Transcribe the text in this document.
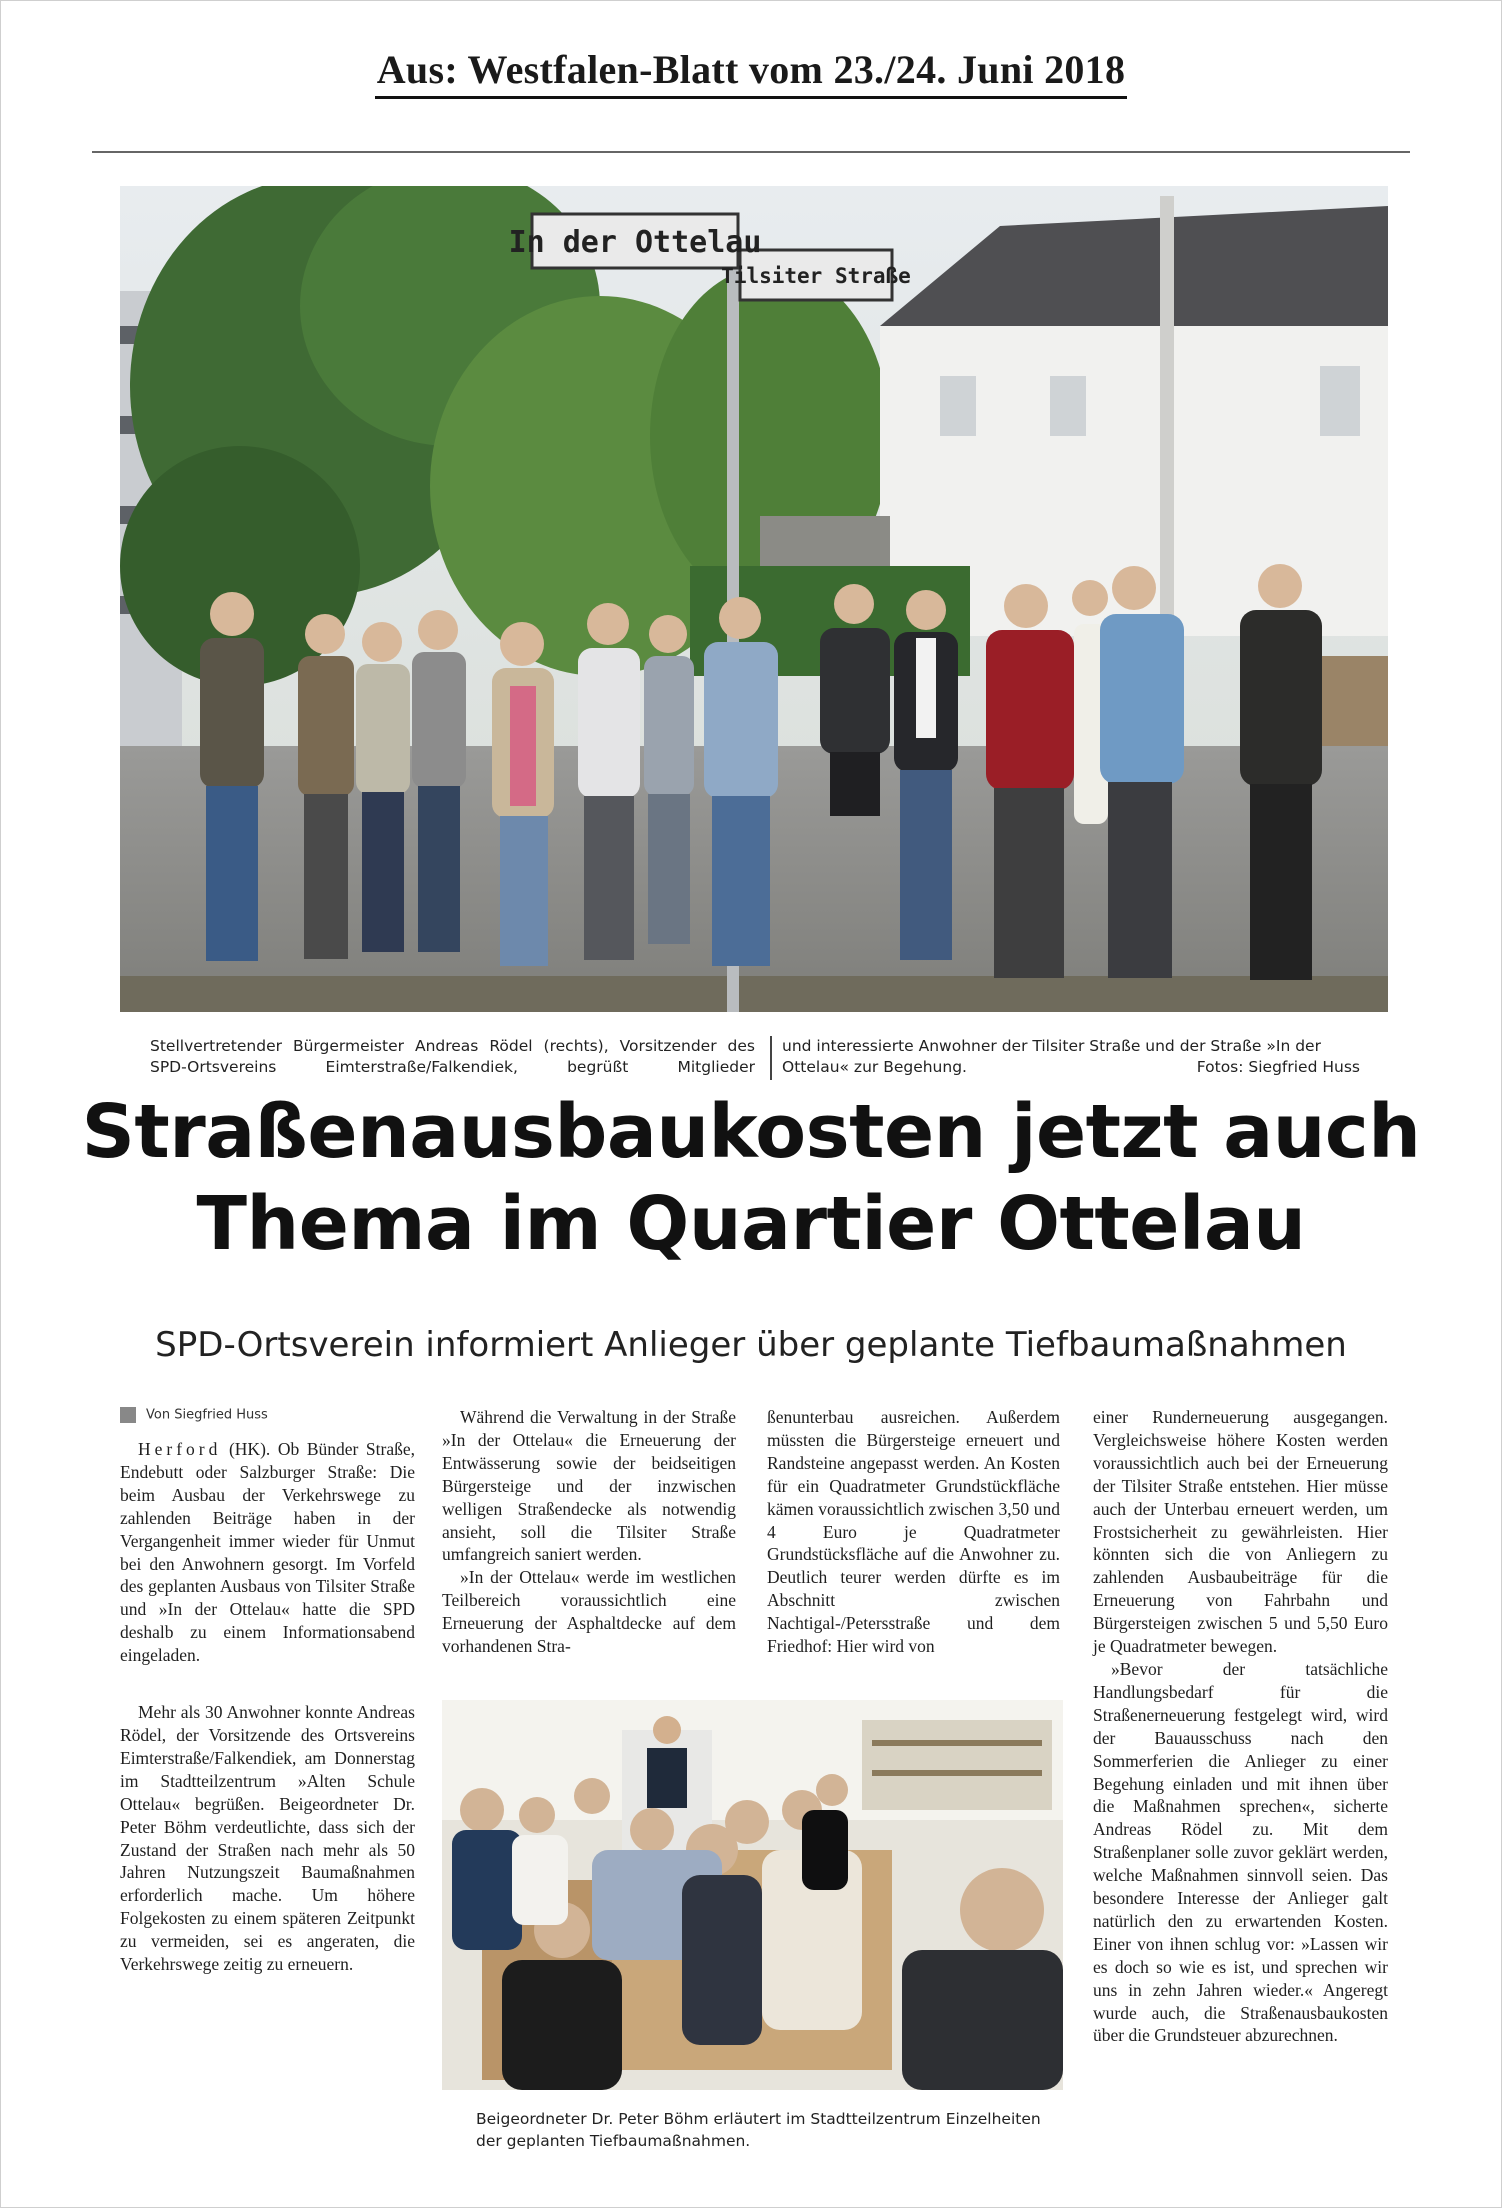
Aus: Westfalen-Blatt vom 23./24. Juni 2018
In der Ottelau
Tilsiter Straße
Stellvertretender Bürgermeister Andreas Rödel (rechts), Vorsitzender des SPD-Ortsvereins Eimterstraße/Falkendiek, begrüßt Mitglieder
und interessierte Anwohner der Tilsiter Straße und der Straße »In der Ottelau« zur Begehung.	Fotos: Siegfried Huss
Straßenausbaukosten jetzt auch
Thema im Quartier Ottelau
SPD-Ortsverein informiert Anlieger über geplante Tiefbaumaßnahmen
Von Siegfried Huss

Herford (HK). Ob Bünder Straße, Endebutt oder Salzburger Straße: Die beim Ausbau der Verkehrswege zu zahlenden Beiträge haben in der Vergangenheit immer wieder für Unmut bei den Anwohnern gesorgt. Im Vorfeld des geplanten Ausbaus von Tilsiter Straße und »In der Ottelau« hatte die SPD deshalb zu einem Informationsabend eingeladen.

Mehr als 30 Anwohner konnte Andreas Rödel, der Vorsitzende des Ortsvereins Eimterstraße/Falkendiek, am Donnerstag im Stadtteilzentrum »Alten Schule Ottelau« begrüßen. Beigeordneter Dr. Peter Böhm verdeutlichte, dass sich der Zustand der Straßen nach mehr als 50 Jahren Nutzungszeit Baumaßnahmen erforderlich mache. Um höhere Folgekosten zu einem späteren Zeitpunkt zu vermeiden, sei es angeraten, die Verkehrswege zeitig zu erneuern.

Während die Verwaltung in der Straße »In der Ottelau« die Erneuerung der Entwässerung sowie der beidseitigen Bürgersteige und der inzwischen welligen Straßendecke als notwendig ansieht, soll die Tilsiter Straße umfangreich saniert werden.

»In der Ottelau« werde im westlichen Teilbereich voraussichtlich eine Erneuerung der Asphaltdecke auf dem vorhandenen Stra-

ßenunterbau ausreichen. Außerdem müssten die Bürgersteige erneuert und Randsteine angepasst werden. An Kosten für ein Quadratmeter Grundstückfläche kämen voraussichtlich zwischen 3,50 und 4 Euro je Quadratmeter Grundstücksfläche auf die Anwohner zu. Deutlich teurer werden dürfte es im Abschnitt zwischen Nachtigal-/Petersstraße und dem Friedhof: Hier wird von

einer Runderneuerung ausgegangen. Vergleichsweise höhere Kosten werden voraussichtlich auch bei der Erneuerung der Tilsiter Straße entstehen. Hier müsse auch der Unterbau erneuert werden, um Frostsicherheit zu gewährleisten. Hier könnten sich die von Anliegern zu zahlenden Ausbaubeiträge für die Erneuerung von Fahrbahn und Bürgersteigen zwischen 5 und 5,50 Euro je Quadratmeter bewegen.

»Bevor der tatsächliche Handlungsbedarf für die Straßenerneuerung festgelegt wird, wird der Bauausschuss nach den Sommerferien die Anlieger zu einer Begehung einladen und mit ihnen über die Maßnahmen sprechen«, sicherte Andreas Rödel zu. Mit dem Straßenplaner solle zuvor geklärt werden, welche Maßnahmen sinnvoll seien. Das besondere Interesse der Anlieger galt natürlich den zu erwartenden Kosten. Einer von ihnen schlug vor: »Lassen wir es doch so wie es ist, und sprechen wir uns in zehn Jahren wieder.« Angeregt wurde auch, die Straßenausbaukosten über die Grundsteuer abzurechnen.

Beigeordneter Dr. Peter Böhm erläutert im Stadtteilzentrum Einzelheiten der geplanten Tiefbaumaßnahmen.
